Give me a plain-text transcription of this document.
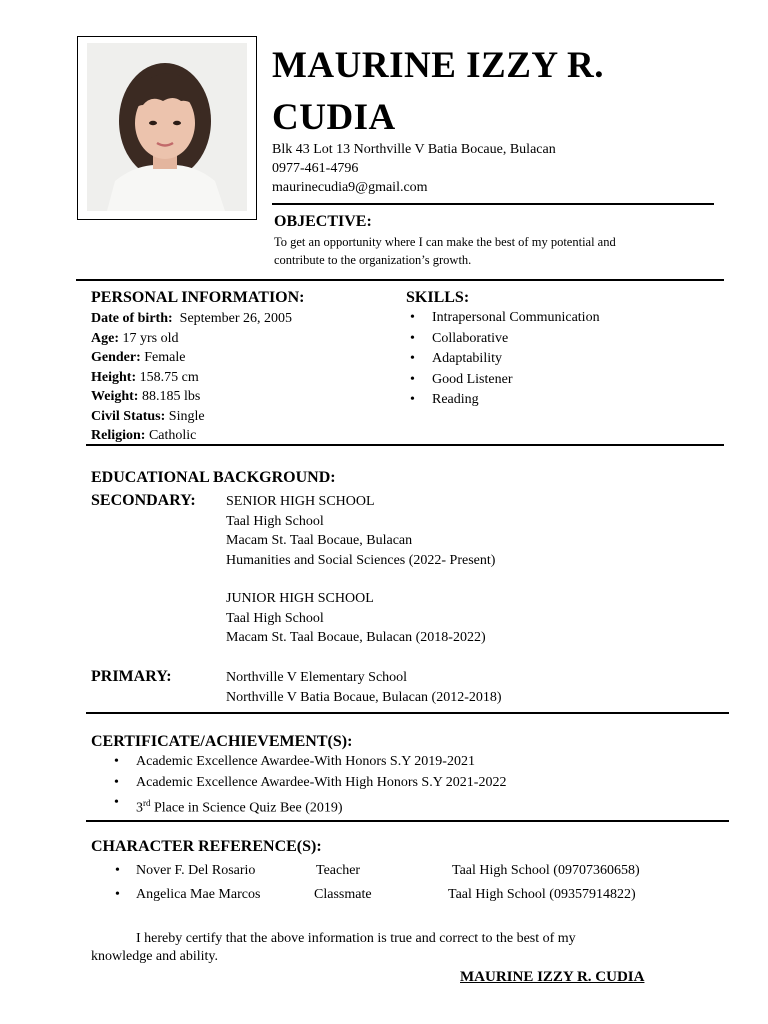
MAURINE IZZY R.
CUDIA
Blk 43 Lot 13 Northville V Batia Bocaue, Bulacan
0977-461-4796
maurinecudia9@gmail.com
OBJECTIVE:
To get an opportunity where I can make the best of my potential and
contribute to the organization’s growth.
PERSONAL INFORMATION:
Date of birth: September 26, 2005
Age: 17 yrs old
Gender: Female
Height: 158.75 cm
Weight: 88.185 lbs
Civil Status: Single
Religion: Catholic
SKILLS:
• Intrapersonal Communication
• Collaborative
• Adaptability
• Good Listener
• Reading
EDUCATIONAL BACKGROUND:
SECONDARY: SENIOR HIGH SCHOOL
Taal High School
Macam St. Taal Bocaue, Bulacan
Humanities and Social Sciences (2022- Present)
JUNIOR HIGH SCHOOL
Taal High School
Macam St. Taal Bocaue, Bulacan (2018-2022)
PRIMARY:	Northville V Elementary School
Northville V Batia Bocaue, Bulacan (2012-2018)
CERTIFICATE/ACHIEVEMENT(S):
• Academic Excellence Awardee-With Honors S.Y 2019-2021
• Academic Excellence Awardee-With High Honors S.Y 2021-2022
• 3rd Place in Science Quiz Bee (2019)
CHARACTER REFERENCE(S):
• Nover F. Del Rosario	Teacher	Taal High School (09707360658)
• Angelica Mae Marcos	Classmate	Taal High School (09357914822)
I hereby certify that the above information is true and correct to the best of my
knowledge and ability.
MAURINE IZZY R. CUDIA
